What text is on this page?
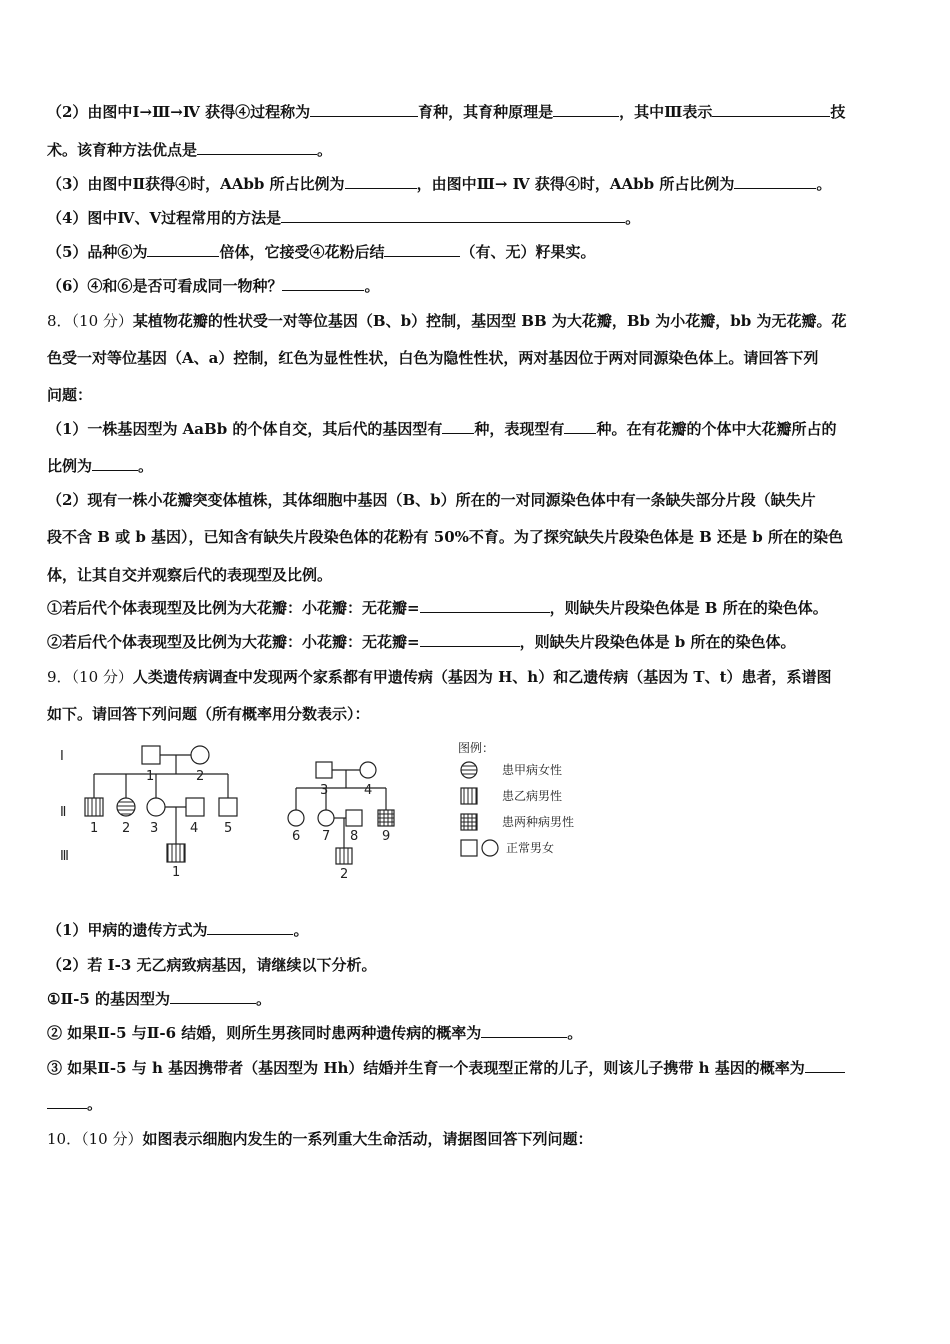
（2）由图中Ⅰ→Ⅲ→Ⅳ 获得④过程称为	育种，其育种原理是	，其中Ⅲ表示	技
术。该育种方法优点是	。
（3）由图中Ⅱ获得④时，AAbb 所占比例为	，由图中Ⅲ→ Ⅳ 获得④时，AAbb 所占比例为	。
（4）图中Ⅳ、Ⅴ过程常用的方法是	。
（5）品种⑥为	倍体，它接受④花粉后结	（有、无）籽果实。
（6）④和⑥是否可看成同一物种？	。
8．（10 分）某植物花瓣的性状受一对等位基因（B、b）控制，基因型 BB 为大花瓣，Bb 为小花瓣，bb 为无花瓣。花
色受一对等位基因（A、a）控制，红色为显性性状，白色为隐性性状，两对基因位于两对同源染色体上。请回答下列
问题：
（1）一株基因型为 AaBb 的个体自交，其后代的基因型有 种，表现型有 种。在有花瓣的个体中大花瓣所占的
比例为	。
（2）现有一株小花瓣突变体植株，其体细胞中基因（B、b）所在的一对同源染色体中有一条缺失部分片段（缺失片
段不含 B 或 b 基因），已知含有缺失片段染色体的花粉有 50%不育。为了探究缺失片段染色体是 B 还是 b 所在的染色
体，让其自交并观察后代的表现型及比例。
①若后代个体表现型及比例为大花瓣：小花瓣：无花瓣=	，则缺失片段染色体是 B 所在的染色体。
②若后代个体表现型及比例为大花瓣：小花瓣：无花瓣=	，则缺失片段染色体是 b 所在的染色体。
9．（10 分）人类遗传病调查中发现两个家系都有甲遗传病（基因为 H、h）和乙遗传病（基因为 T、t）患者，系谱图
如下。请回答下列问题（所有概率用分数表示）：
Ⅰ
Ⅱ
Ⅲ
图例：
患甲病女性
患乙病男性
患两种病男性
正常男女
1	2
1 2 3 4 5
1
3	4
6 7 8 9
2
（1）甲病的遗传方式为	。
（2）若 I-3 无乙病致病基因，请继续以下分析。
①Ⅱ-5 的基因型为	。
② 如果Ⅱ-5 与Ⅱ-6 结婚，则所生男孩同时患两种遗传病的概率为	。
③ 如果Ⅱ-5 与 h 基因携带者（基因型为 Hh）结婚并生育一个表现型正常的儿子，则该儿子携带 h 基因的概率为
。
10．（10 分）如图表示细胞内发生的一系列重大生命活动，请据图回答下列问题：
